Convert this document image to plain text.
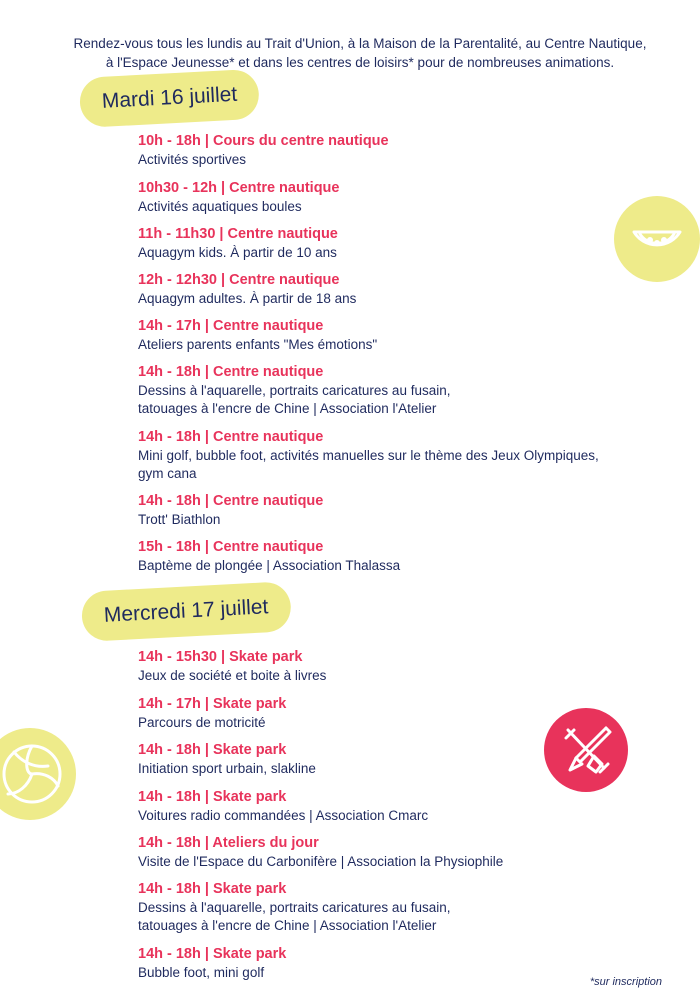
Rendez-vous tous les lundis au Trait d'Union, à la Maison de la Parentalité, au Centre Nautique,
à l'Espace Jeunesse* et dans les centres de loisirs* pour de nombreuses animations.
Mardi 16 juillet
10h - 18h | Cours du centre nautique
Activités sportives
10h30 - 12h | Centre nautique
Activités aquatiques boules
11h - 11h30 | Centre nautique
Aquagym kids. À partir de 10 ans
12h - 12h30 | Centre nautique
Aquagym adultes. À partir de 18 ans
14h - 17h | Centre nautique
Ateliers parents enfants "Mes émotions"
14h - 18h | Centre nautique
Dessins à l'aquarelle, portraits caricatures au fusain,
tatouages à l'encre de Chine | Association l'Atelier
14h - 18h | Centre nautique
Mini golf, bubble foot, activités manuelles sur le thème des Jeux Olympiques,
gym cana
14h - 18h | Centre nautique
Trott' Biathlon
15h - 18h | Centre nautique
Baptème de plongée | Association Thalassa
Mercredi 17 juillet
14h - 15h30 | Skate park
Jeux de société et boite à livres
14h - 17h | Skate park
Parcours de motricité
14h - 18h | Skate park
Initiation sport urbain, slakline
14h - 18h | Skate park
Voitures radio commandées | Association Cmarc
14h - 18h | Ateliers du jour
Visite de l'Espace du Carbonifère | Association la Physiophile
14h - 18h | Skate park
Dessins à l'aquarelle, portraits caricatures au fusain,
tatouages à l'encre de Chine | Association l'Atelier
14h - 18h | Skate park
Bubble foot, mini golf
*sur inscription
